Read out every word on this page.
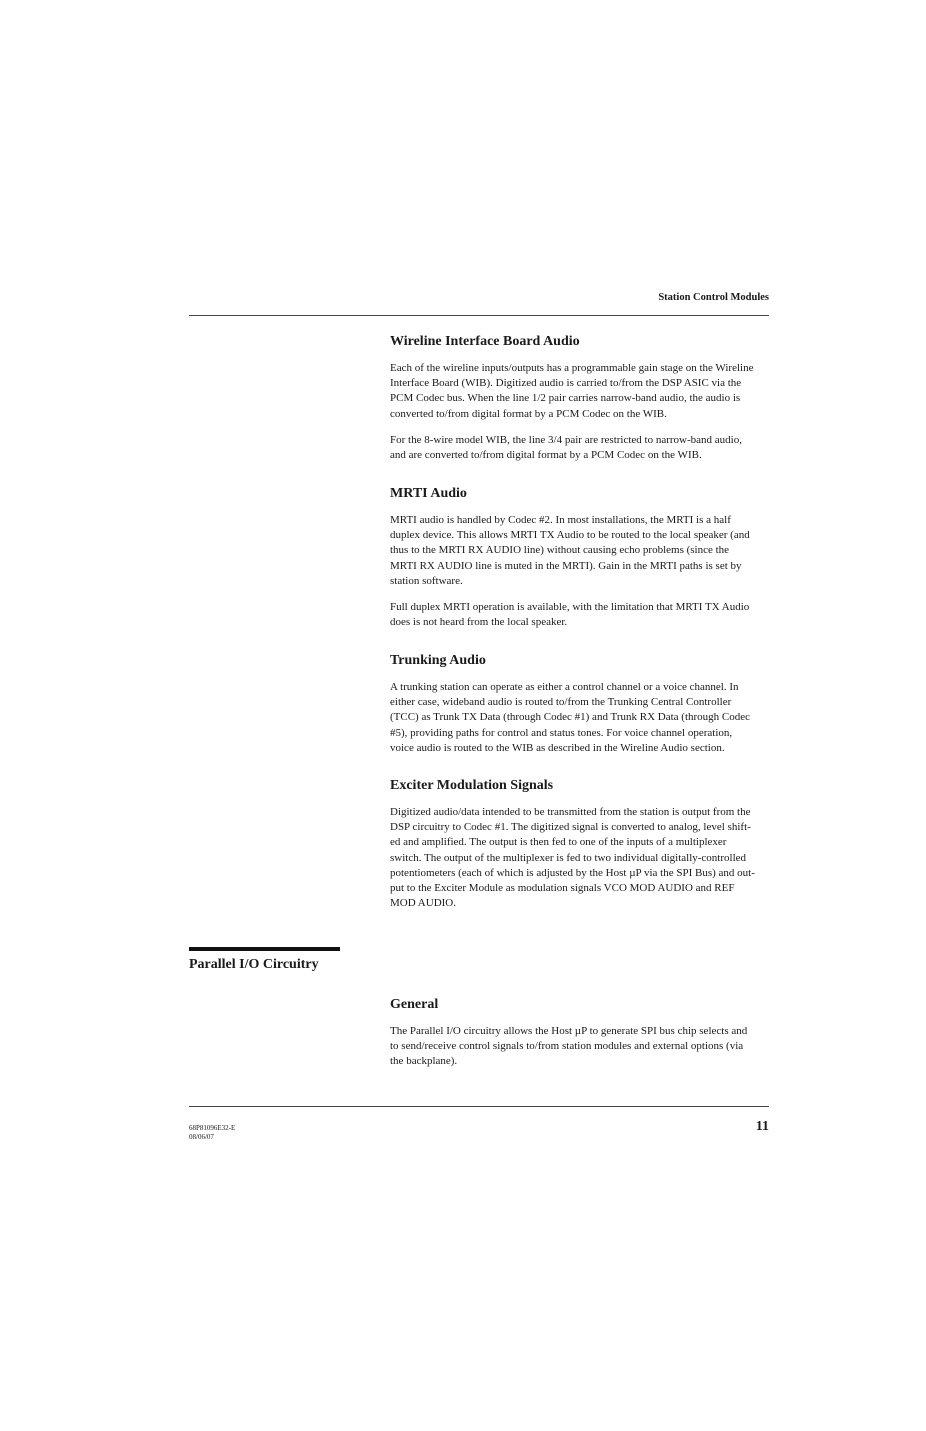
Station Control Modules
Wireline Interface Board Audio

Each of the wireline inputs/outputs has a programmable gain stage on the Wireline

Interface Board (WIB). Digitized audio is carried to/from the DSP ASIC via the

PCM Codec bus. When the line 1/2 pair carries narrow-band audio, the audio is

converted to/from digital format by a PCM Codec on the WIB.

For the 8-wire model WIB, the line 3/4 pair are restricted to narrow-band audio,

and are converted to/from digital format by a PCM Codec on the WIB.

MRTI Audio

MRTI audio is handled by Codec #2. In most installations, the MRTI is a half

duplex device. This allows MRTI TX Audio to be routed to the local speaker (and

thus to the MRTI RX AUDIO line) without causing echo problems (since the

MRTI RX AUDIO line is muted in the MRTI). Gain in the MRTI paths is set by

station software.

Full duplex MRTI operation is available, with the limitation that MRTI TX Audio

does is not heard from the local speaker.

Trunking Audio

A trunking station can operate as either a control channel or a voice channel. In

either case, wideband audio is routed to/from the Trunking Central Controller

(TCC) as Trunk TX Data (through Codec #1) and Trunk RX Data (through Codec

#5), providing paths for control and status tones. For voice channel operation,

voice audio is routed to the WIB as described in the Wireline Audio section.

Exciter Modulation Signals

Digitized audio/data intended to be transmitted from the station is output from the

DSP circuitry to Codec #1. The digitized signal is converted to analog, level shift-

ed and amplified. The output is then fed to one of the inputs of a multiplexer

switch. The output of the multiplexer is fed to two individual digitally-controlled

potentiometers (each of which is adjusted by the Host µP via the SPI Bus) and out-

put to the Exciter Module as modulation signals VCO MOD AUDIO and REF

MOD AUDIO.

Parallel I/O Circuitry
General

The Parallel I/O circuitry allows the Host µP to generate SPI bus chip selects and

to send/receive control signals to/from station modules and external options (via

the backplane).

68P81096E32-E
08/06/07
11
